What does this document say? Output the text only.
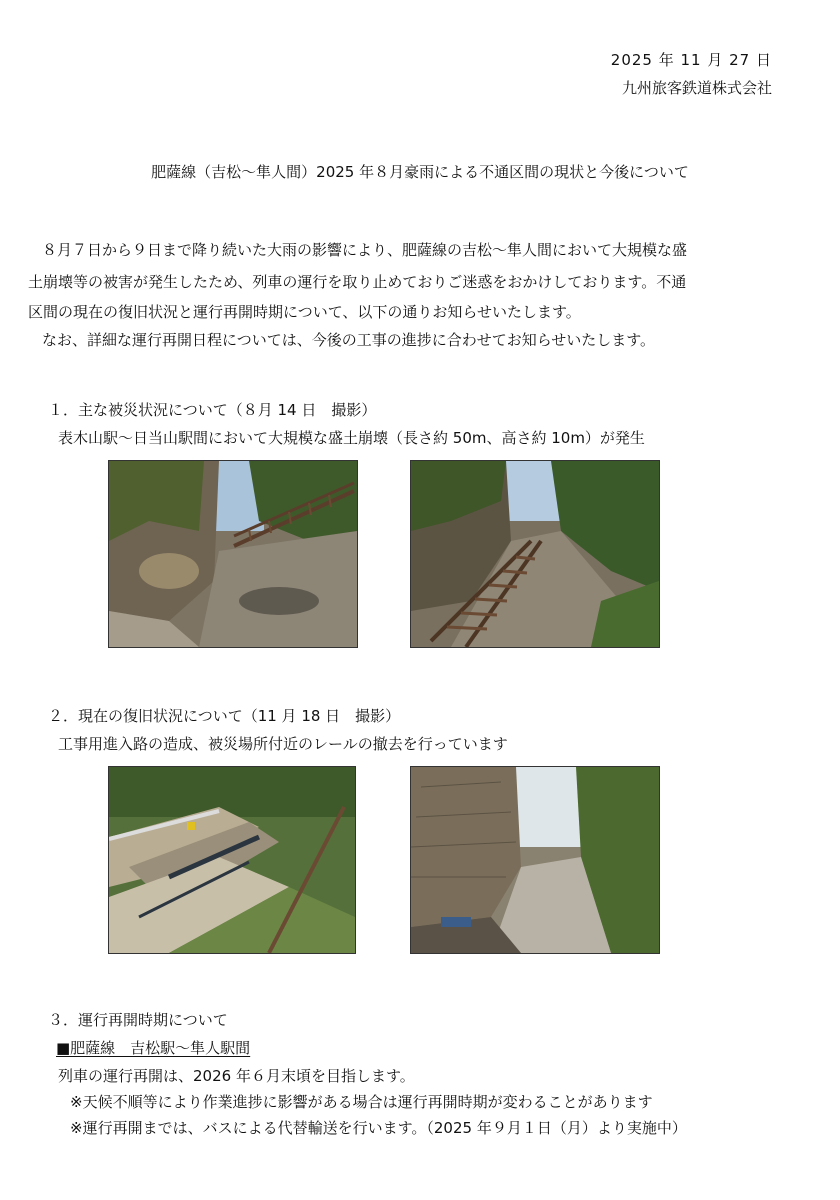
2025 年 11 月 27 日
九州旅客鉄道株式会社
肥薩線（吉松～隼人間）2025 年８月豪雨による不通区間の現状と今後について
８月７日から９日まで降り続いた大雨の影響により、肥薩線の吉松～隼人間において大規模な盛
土崩壊等の被害が発生したため、列車の運行を取り止めておりご迷惑をおかけしております。不通
区間の現在の復旧状況と運行再開時期について、以下の通りお知らせいたします。
なお、詳細な運行再開日程については、今後の工事の進捗に合わせてお知らせいたします。
１．主な被災状況について（８月 14 日　撮影）
表木山駅～日当山駅間において大規模な盛土崩壊（長さ約 50m、高さ約 10m）が発生
２．現在の復旧状況について（11 月 18 日　撮影）
工事用進入路の造成、被災場所付近のレールの撤去を行っています
３．運行再開時期について
■肥薩線　吉松駅～隼人駅間
列車の運行再開は、2026 年６月末頃を目指します。
※天候不順等により作業進捗に影響がある場合は運行再開時期が変わることがあります
※運行再開までは、バスによる代替輸送を行います。（2025 年９月１日（月）より実施中）
